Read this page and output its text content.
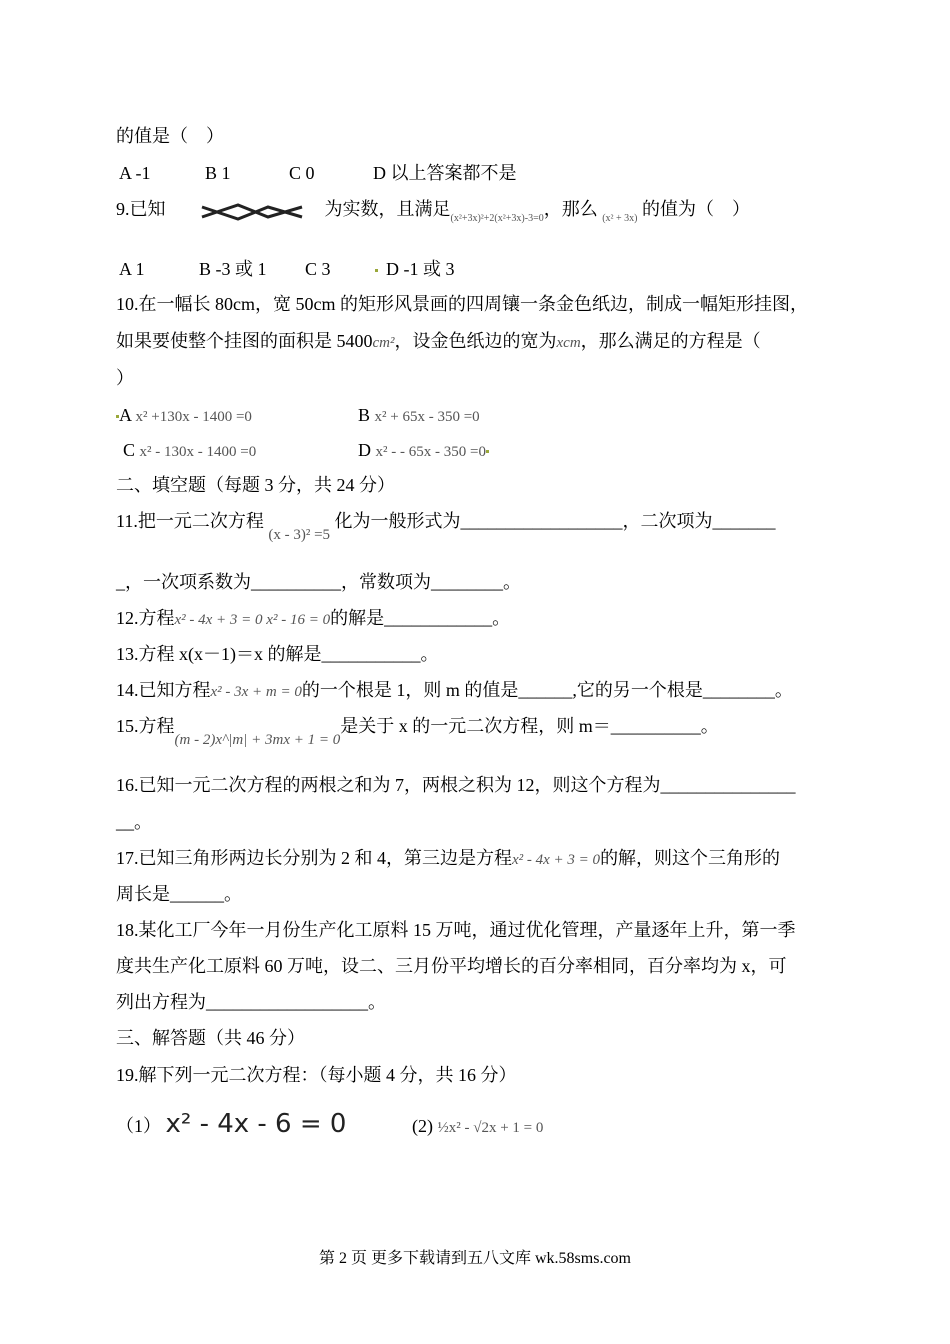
的值是（　）
A -1	B 1	C 0	D 以上答案都不是
9.已知	为实数，且满足$_{(x^2+3x)^2+2(x^2+3x)-3=0}$，那么 $_{(x^2 + 3x)}$ 的值为（　）
A 1	B -3 或 1 C 3	D -1 或 3
10.在一幅长 80cm，宽 50cm 的矩形风景画的四周镶一条金色纸边，制成一幅矩形挂图，
如果要使整个挂图的面积是 5400cm²，设金色纸边的宽为xcm，那么满足的方程是（
）
A x² +130x - 1400 =0	B x² + 65x - 350 =0
C x² - 130x - 1400 =0	D x² - - 65x - 350 =0
二、填空题（每题 3 分，共 24 分）
11.把一元二次方程 $_{(x - 3)^2 =5}$ 化为一般形式为__________________，二次项为_______
_，一次项系数为__________，常数项为________。
12.方程x² - 4x + 3 = 0 x² - 16 = 0的解是____________。
13.方程 x(x－1)＝x 的解是___________。
14.已知方程x² - 3x + m = 0的一个根是 1，则 m 的值是______,它的另一个根是________。
15.方程$_{(m - 2)x\^{}|m| + 3mx + 1 = 0}$是关于 x 的一元二次方程，则 m＝__________。
16.已知一元二次方程的两根之和为 7，两根之积为 12，则这个方程为_______________
__。
17.已知三角形两边长分别为 2 和 4，第三边是方程x² - 4x + 3 = 0的解，则这个三角形的
周长是______。
18.某化工厂今年一月份生产化工原料 15 万吨，通过优化管理，产量逐年上升，第一季
度共生产化工原料 60 万吨，设二、三月份平均增长的百分率相同，百分率均为 x，可
列出方程为__________________。
三、解答题（共 46 分）
19.解下列一元二次方程：（每小题 4 分，共 16 分）
（1） x² - 4x - 6 = 0	(2) ½x² - √2x + 1 = 0
第 2 页 更多下载请到五八文库 wk.58sms.com
